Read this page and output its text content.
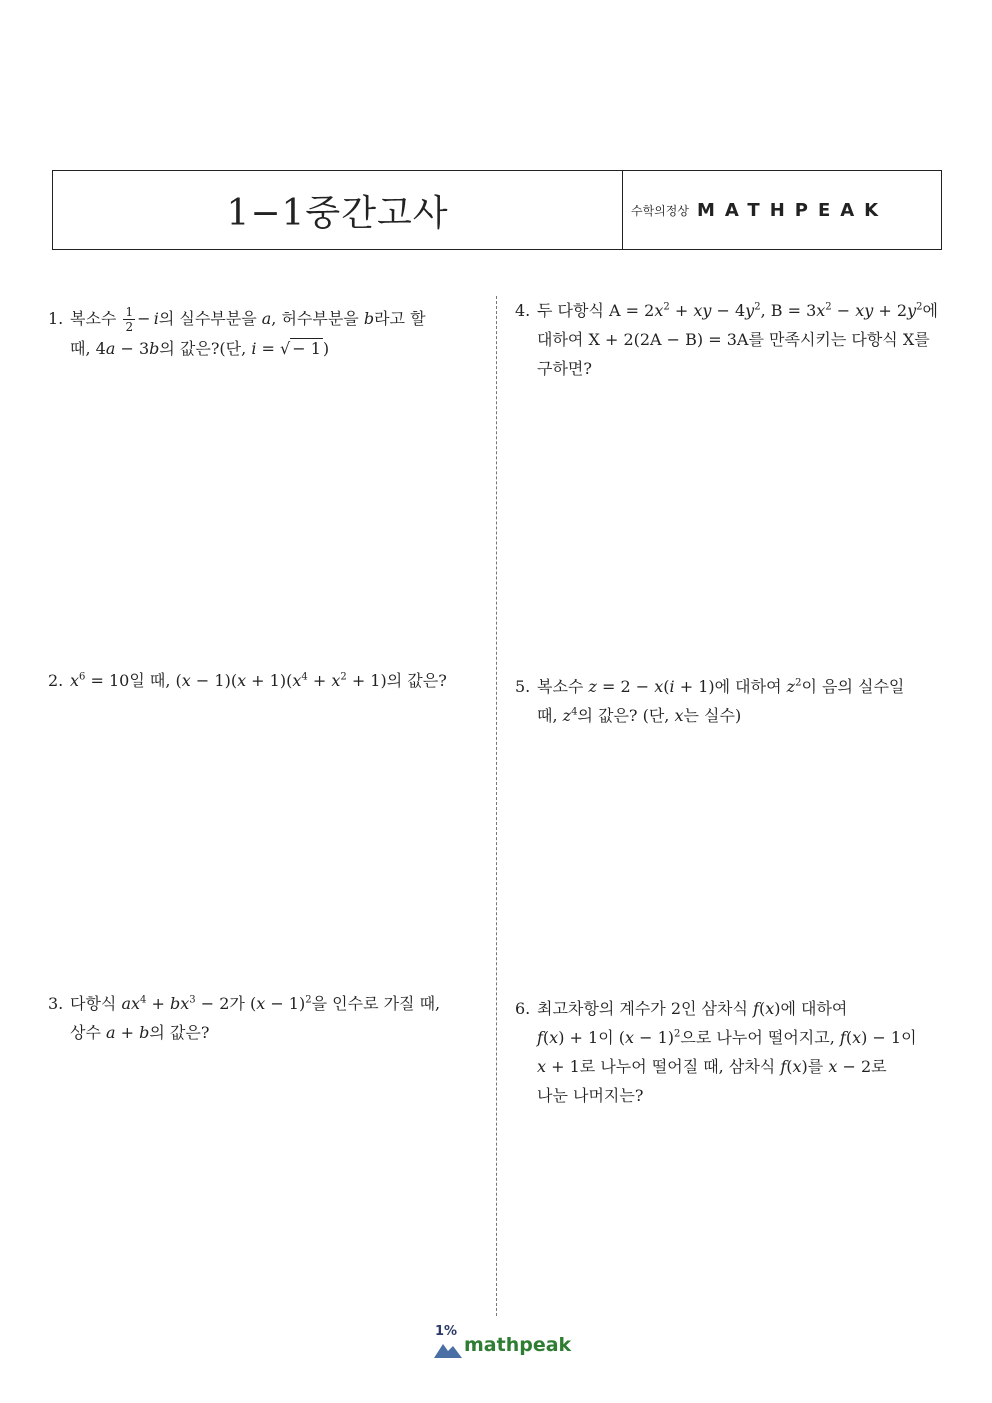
1−1중간고사	수학의정상 MATHPEAK
1. 복소수 $\frac{1}{2} - i$의 실수부분을 a, 허수부분을 b라고 할
때, 4a − 3b의 값은?(단, i = √ − 1 )
2. $x^6 = 10$일 때, $(x - 1)(x + 1)(x^4 + x^2 + 1)$의 값은?
3. 다항식 $ax^4 + bx^3 - 2$가 $(x - 1)^2$을 인수로 가질 때,
상수 a + b의 값은?
4. 두 다항식 $A = 2x^2$ + xy − $4y^2$, $B = 3x^2$ − xy + $2y^2$에
대하여 X + 2(2A − B) = 3A를 만족시키는 다항식 X를
구하면?
5. 복소수 z = 2 − x(i + 1)에 대하여 $z^2$이 음의 실수일
때, $z^4$의 값은? (단, x는 실수)
6. 최고차항의 계수가 2인 삼차식 f(x)에 대하여
f(x) + 1이 $(x - 1)^2$으로 나누어 떨어지고, f(x) − 1이
x + 1로 나누어 떨어질 때, 삼차식 f(x)를 x − 2로
나눈 나머지는?
1%
mathpeak
